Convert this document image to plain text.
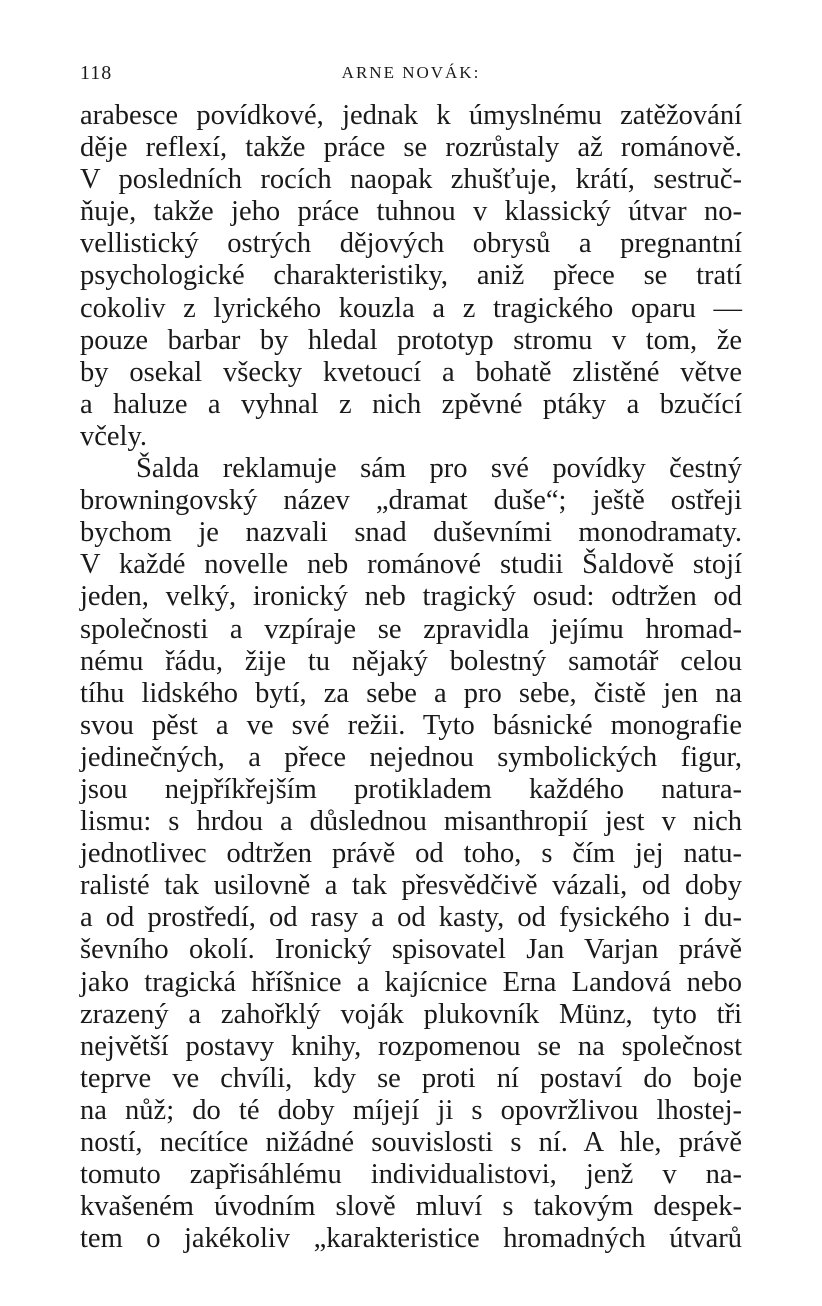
118	ARNE NOVÁK:
arabesce povídkové, jednak k úmyslnému zatěžování
děje reflexí, takže práce se rozrůstaly až románově.
V posledních rocích naopak zhušťuje, krátí, sestruč-
ňuje, takže jeho práce tuhnou v klassický útvar no-
vellistický ostrých dějových obrysů a pregnantní
psychologické charakteristiky, aniž přece se tratí
cokoliv z lyrického kouzla a z tragického oparu —
pouze barbar by hledal prototyp stromu v tom, že
by osekal všecky kvetoucí a bohatě zlistěné větve
a haluze a vyhnal z nich zpěvné ptáky a bzučící
včely.
Šalda reklamuje sám pro své povídky čestný
browningovský název „dramat duše“; ještě ostřeji
bychom je nazvali snad duševními monodramaty.
V každé novelle neb románové studii Šaldově stojí
jeden, velký, ironický neb tragický osud: odtržen od
společnosti a vzpíraje se zpravidla jejímu hromad-
nému řádu, žije tu nějaký bolestný samotář celou
tíhu lidského bytí, za sebe a pro sebe, čistě jen na
svou pěst a ve své režii. Tyto básnické monografie
jedinečných, a přece nejednou symbolických figur,
jsou nejpříkřejším protikladem každého natura-
lismu: s hrdou a důslednou misanthropií jest v nich
jednotlivec odtržen právě od toho, s čím jej natu-
ralisté tak usilovně a tak přesvědčivě vázali, od doby
a od prostředí, od rasy a od kasty, od fysického i du-
ševního okolí. Ironický spisovatel Jan Varjan právě
jako tragická hříšnice a kajícnice Erna Landová nebo
zrazený a zahořklý voják plukovník Münz, tyto tři
největší postavy knihy, rozpomenou se na společnost
teprve ve chvíli, kdy se proti ní postaví do boje
na nůž; do té doby míjejí ji s opovržlivou lhostej-
ností, necítíce nižádné souvislosti s ní. A hle, právě
tomuto zapřisáhlému individualistovi, jenž v na-
kvašeném úvodním slově mluví s takovým despek-
tem o jakékoliv „karakteristice hromadných útvarů
